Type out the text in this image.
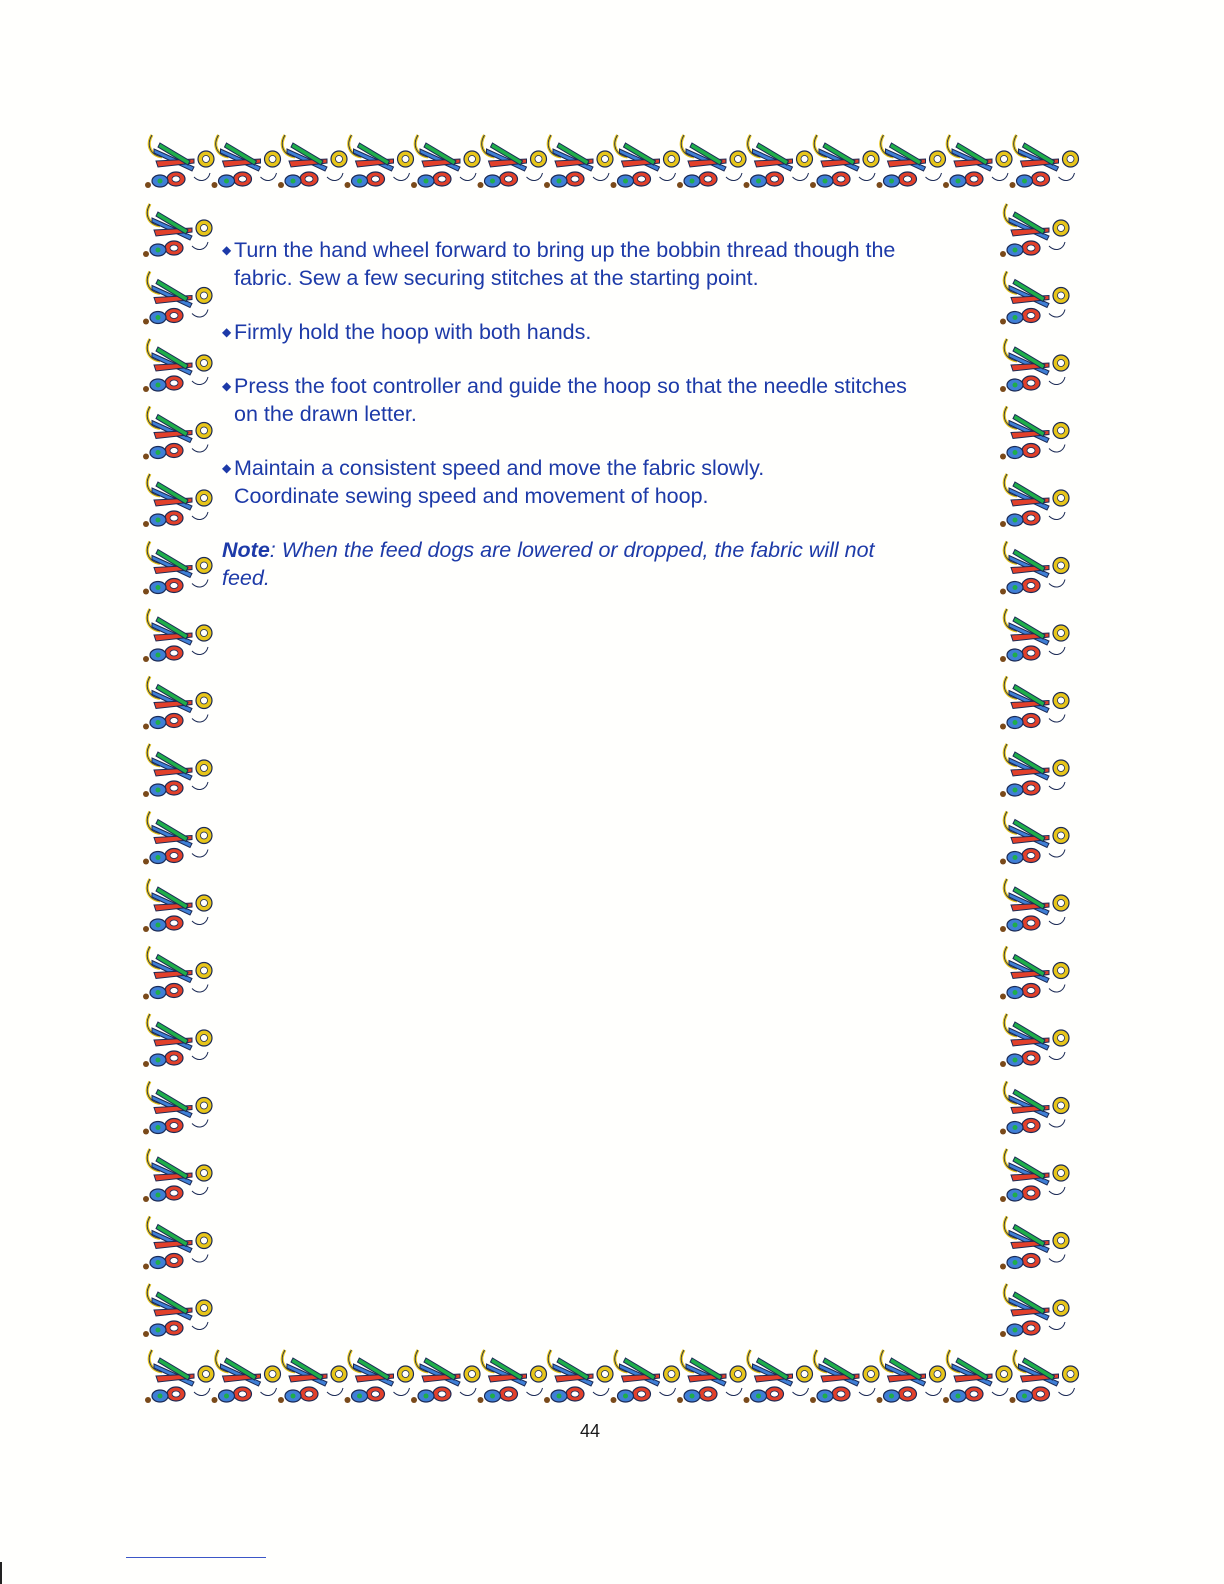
◆ Turn the hand wheel forward to bring up the bobbin thread though the
fabric. Sew a few securing stitches at the starting point.
◆ Firmly hold the hoop with both hands.
◆ Press the foot controller and guide the hoop so that the needle stitches
on the drawn letter.
◆ Maintain a consistent speed and move the fabric slowly.
Coordinate sewing speed and movement of hoop.
Note: When the feed dogs are lowered or dropped, the fabric will not
feed.
44
